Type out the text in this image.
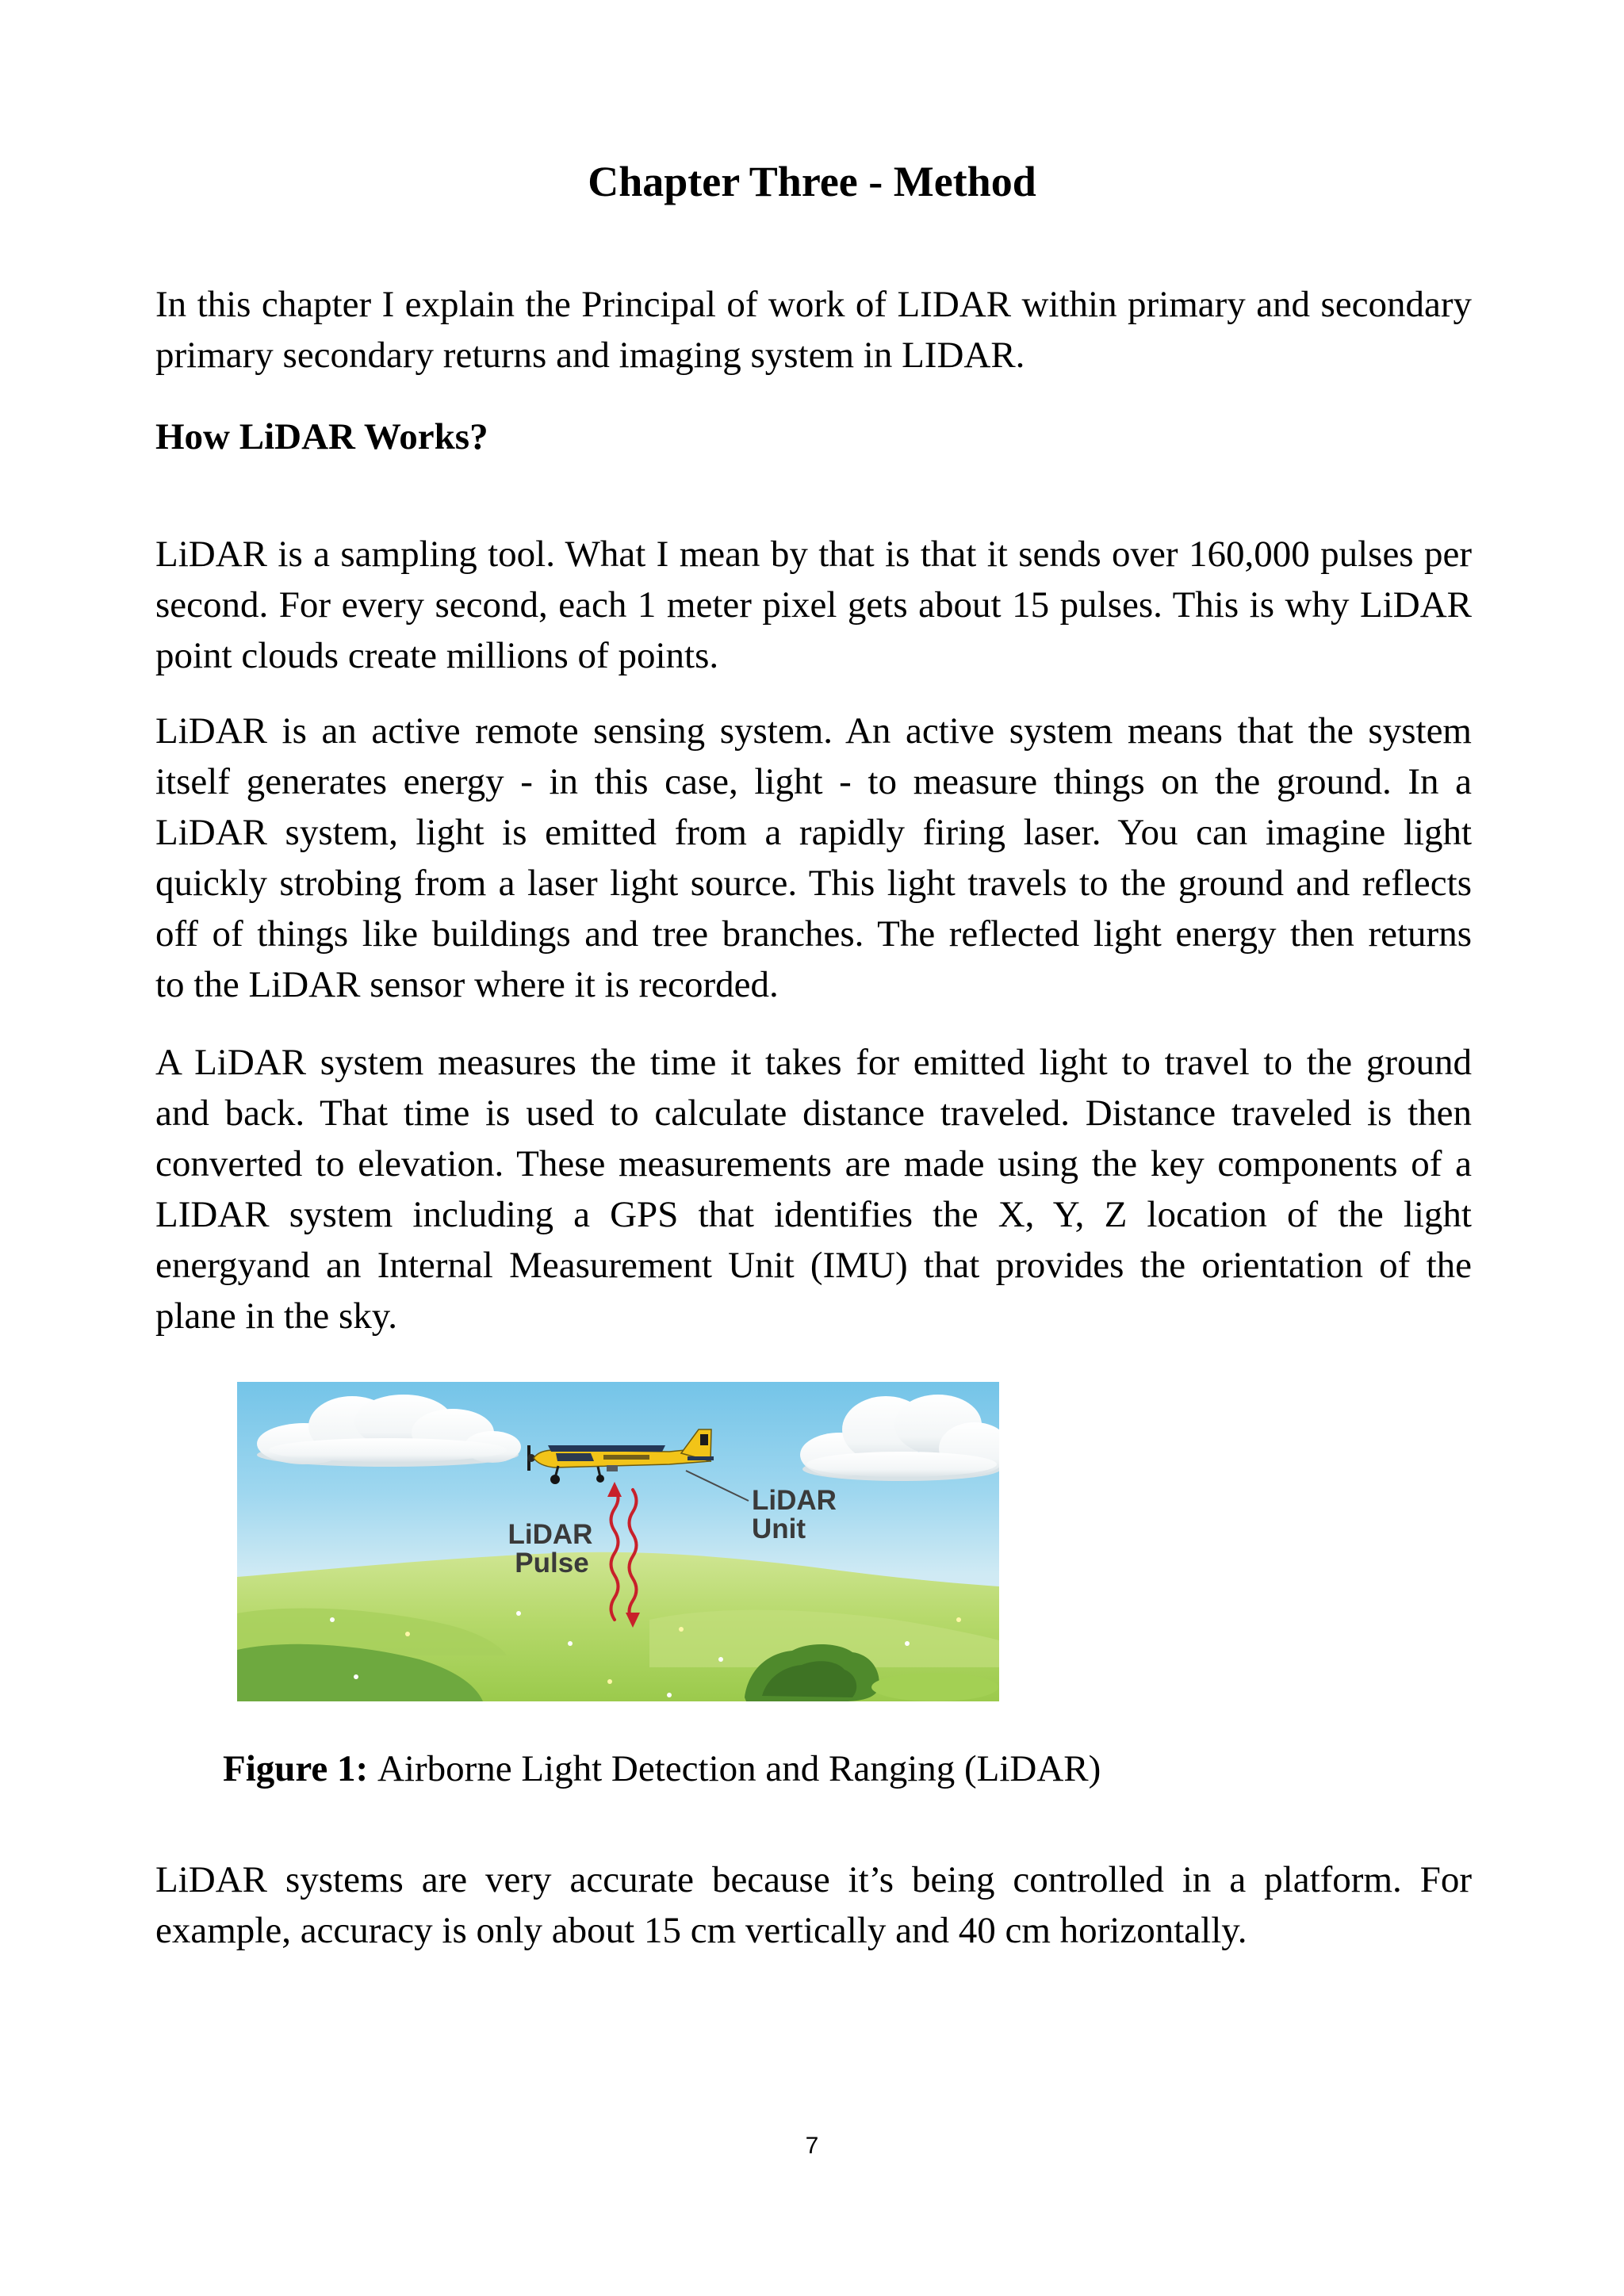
Chapter Three - Method
In this chapter I explain the Principal of work of LIDAR within primary and secondary
primary secondary returns and imaging system in LIDAR.
How LiDAR Works?
LiDAR is a sampling tool. What I mean by that is that it sends over 160,000 pulses per
second. For every second, each 1 meter pixel gets about 15 pulses. This is why LiDAR
point clouds create millions of points.
LiDAR is an active remote sensing system. An active system means that the system
itself generates energy - in this case, light - to measure things on the ground. In a
LiDAR system, light is emitted from a rapidly firing laser. You can imagine light
quickly strobing from a laser light source. This light travels to the ground and reflects
off of things like buildings and tree branches. The reflected light energy then returns
to the LiDAR sensor where it is recorded.
A LiDAR system measures the time it takes for emitted light to travel to the ground
and back. That time is used to calculate distance traveled. Distance traveled is then
converted to elevation. These measurements are made using the key components of a
LIDAR system including a GPS that identifies the X, Y, Z location of the light
energyand an Internal Measurement Unit (IMU) that provides the orientation of the
plane in the sky.
LiDAR
Pulse
LiDAR
Unit
Figure 1: Airborne Light Detection and Ranging (LiDAR)
LiDAR systems are very accurate because it’s being controlled in a platform. For
example, accuracy is only about 15 cm vertically and 40 cm horizontally.
7
